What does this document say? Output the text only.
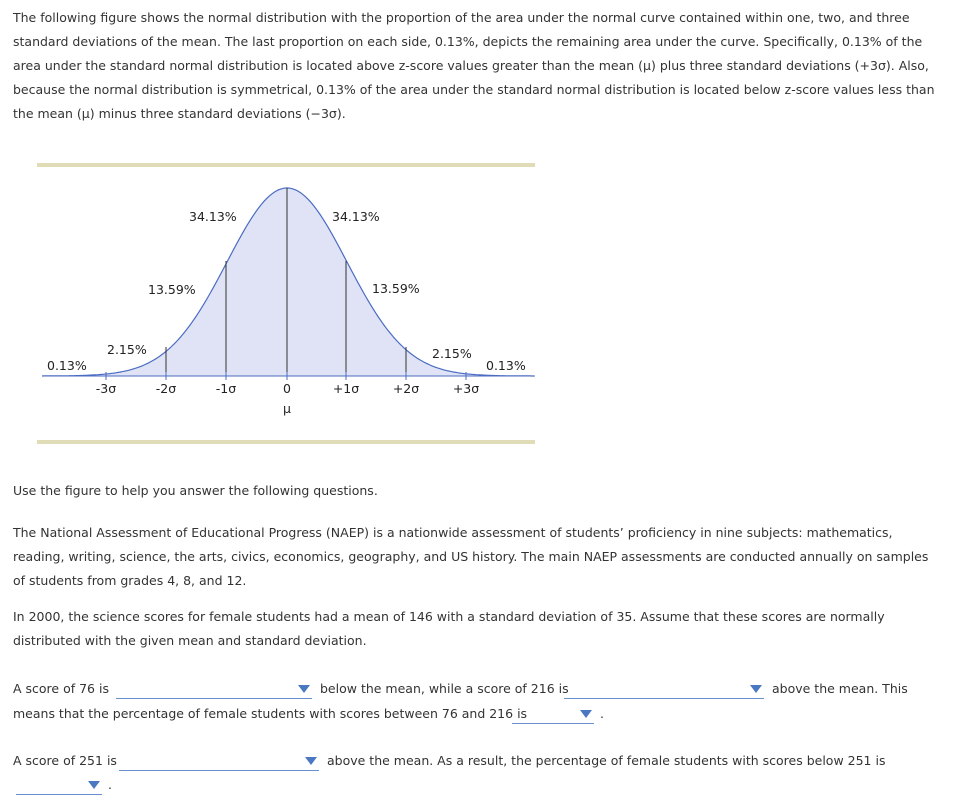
The following figure shows the normal distribution with the proportion of the area under the normal curve contained within one, two, and three standard deviations of the mean. The last proportion on each side, 0.13%, depicts the remaining area under the curve. Specifically, 0.13% of the area under the standard normal distribution is located above z-score values greater than the mean (μ) plus three standard deviations (+3σ). Also, because the normal distribution is symmetrical, 0.13% of the area under the standard normal distribution is located below z-score values less than the mean (μ) minus three standard deviations (−3σ).

0.13%
2.15%
13.59%
34.13%	34.13%
13.59%
2.15%
0.13%
-3σ	-2σ	-1σ	0	+1σ	+2σ	+3σ
μ

Use the figure to help you answer the following questions.

The National Assessment of Educational Progress (NAEP) is a nationwide assessment of students’ proficiency in nine subjects: mathematics, reading, writing, science, the arts, civics, economics, geography, and US history. The main NAEP assessments are conducted annually on samples of students from grades 4, 8, and 12.

In 2000, the science scores for female students had a mean of 146 with a standard deviation of 35. Assume that these scores are normally distributed with the given mean and standard deviation.

A score of 76 is	below the mean, while a score of 216 is	above the mean. This
means that the percentage of female students with scores between 76 and 216 is	.
A score of 251 is	above the mean. As a result, the percentage of female students with scores below 251 is
.
